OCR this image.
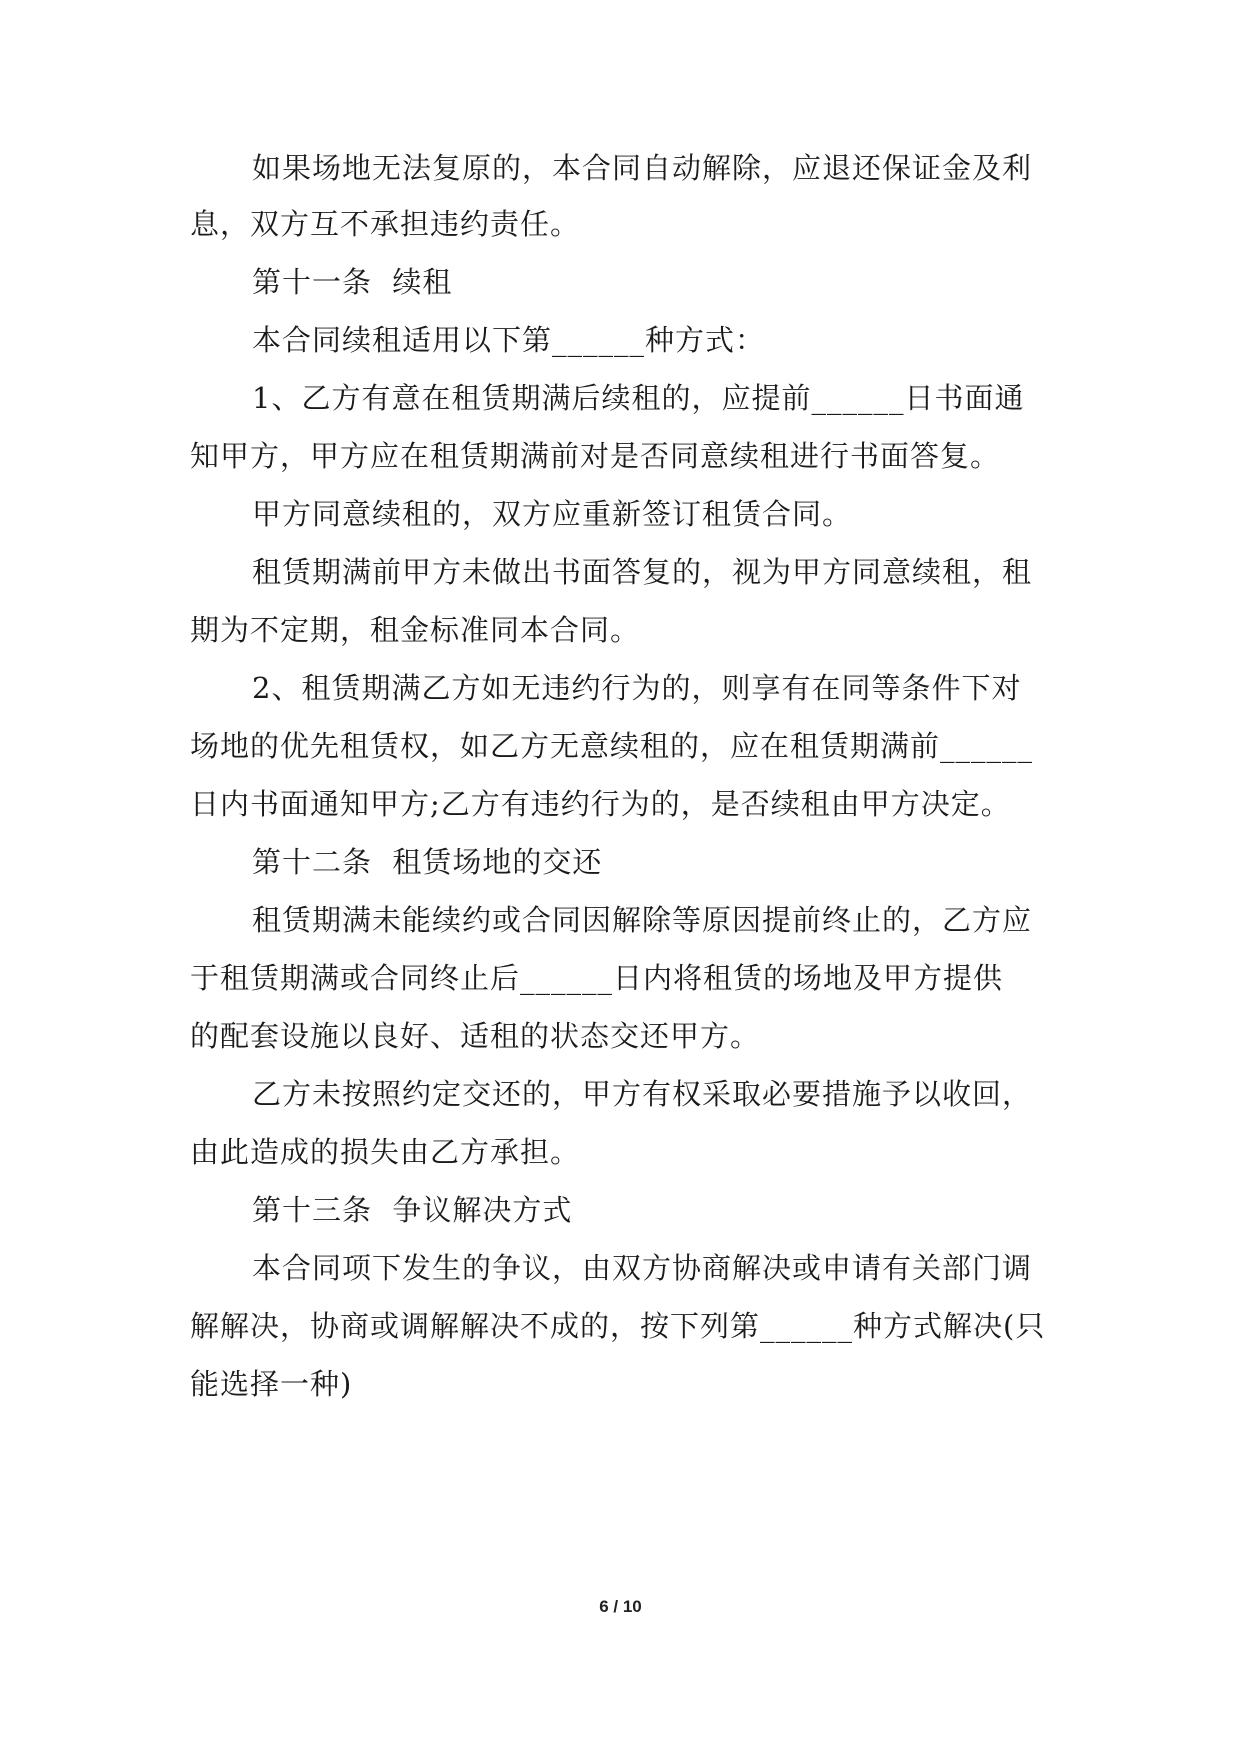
如果场地无法复原的，本合同自动解除，应退还保证金及利
息，双方互不承担违约责任。
第十一条  续租
本合同续租适用以下第______种方式：
1、乙方有意在租赁期满后续租的，应提前______日书面通
知甲方，甲方应在租赁期满前对是否同意续租进行书面答复。
甲方同意续租的，双方应重新签订租赁合同。
租赁期满前甲方未做出书面答复的，视为甲方同意续租，租
期为不定期，租金标准同本合同。
2、租赁期满乙方如无违约行为的，则享有在同等条件下对
场地的优先租赁权，如乙方无意续租的，应在租赁期满前______
日内书面通知甲方;乙方有违约行为的，是否续租由甲方决定。
第十二条  租赁场地的交还
租赁期满未能续约或合同因解除等原因提前终止的，乙方应
于租赁期满或合同终止后______日内将租赁的场地及甲方提供
的配套设施以良好、适租的状态交还甲方。
乙方未按照约定交还的，甲方有权采取必要措施予以收回，
由此造成的损失由乙方承担。
第十三条  争议解决方式
本合同项下发生的争议，由双方协商解决或申请有关部门调
解解决，协商或调解解决不成的，按下列第______种方式解决(只
能选择一种)
6 / 10
